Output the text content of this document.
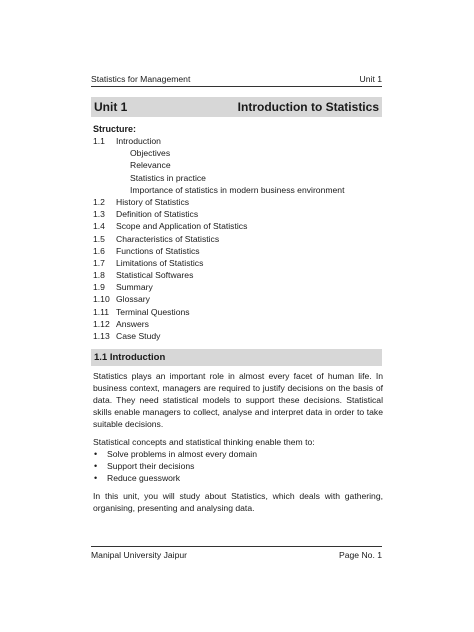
Statistics for Management	Unit 1
Unit 1	Introduction to Statistics
Structure:
1.1 Introduction
Objectives
Relevance
Statistics in practice
Importance of statistics in modern business environment
1.2 History of Statistics
1.3 Definition of Statistics
1.4 Scope and Application of Statistics
1.5 Characteristics of Statistics
1.6 Functions of Statistics
1.7 Limitations of Statistics
1.8 Statistical Softwares
1.9 Summary
1.10 Glossary
1.11 Terminal Questions
1.12 Answers
1.13 Case Study
1.1 Introduction

Statistics plays an important role in almost every facet of human life. In business context, managers are required to justify decisions on the basis of data. They need statistical models to support these decisions. Statistical skills enable managers to collect, analyse and interpret data in order to take suitable decisions.

Statistical concepts and statistical thinking enable them to:

• Solve problems in almost every domain
• Support their decisions
• Reduce guesswork

In this unit, you will study about Statistics, which deals with gathering, organising, presenting and analysing data.

Manipal University Jaipur	Page No. 1
